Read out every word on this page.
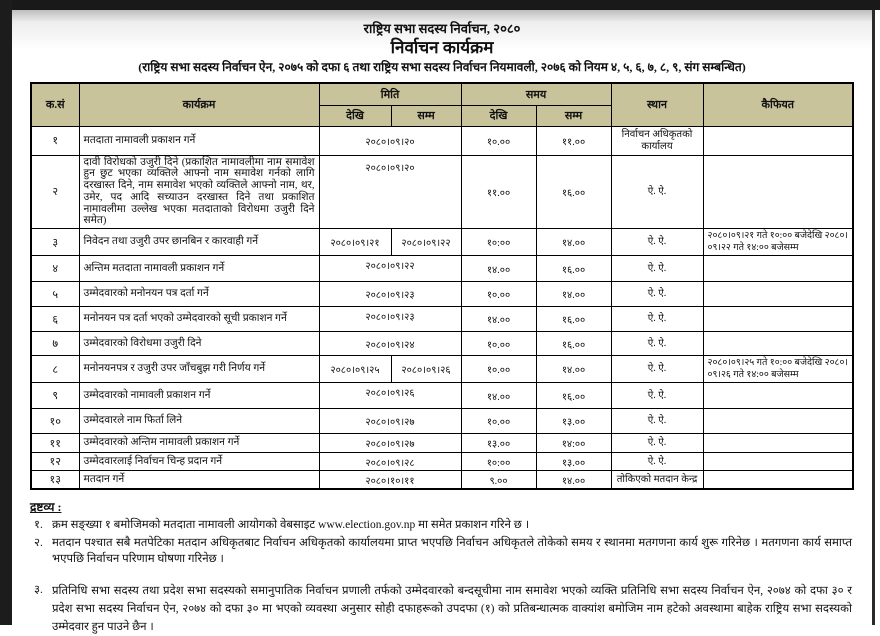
राष्ट्रिय सभा सदस्य निर्वाचन, २०८०
निर्वाचन कार्यक्रम
(राष्ट्रिय सभा सदस्य निर्वाचन ऐन, २०७५ को दफा ६ तथा राष्ट्रिय सभा सदस्य निर्वाचन नियमावली, २०७६ को नियम ४, ५, ६, ७, ८, ९, संग सम्बन्धित)
क.सं	कार्यक्रम	मिति		समय		स्थान	कैफियत
		देखि	सम्म	देखि	सम्म		
१	मतदाता नामावली प्रकाशन गर्ने	२०८०।०९।२०		१०.००	११.००	निर्वाचन अधिकृतको कार्यालय	
२	दावी विरोधको उजुरी दिने (प्रकाशित नामावलीमा नाम समावेश हुन छुट भएका व्यक्तिले आफ्नो नाम समावेश गर्नको लागि दरखास्त दिने, नाम समावेश भएको व्यक्तिले आफ्नो नाम, थर, उमेर, पद आदि सच्याउन दरखास्त दिने तथा प्रकाशित नामावलीमा उल्लेख भएका मतदाताको विरोधमा उजुरी दिने समेत)	२०८०।०९।२०		११.००	१६.००	ऐ. ऐ.	
३	निवेदन तथा उजुरी उपर छानबिन र कारवाही गर्ने	२०८०।०९।२१	२०८०।०९।२२	१०:००	१४.००	ऐ. ऐ.	२०८०।०९।२१ गते १०:०० बजेदेखि २०८०।०९।२२ गते १४:०० बजेसम्म
४	अन्तिम मतदाता नामावली प्रकाशन गर्ने	२०८०।०९।२२		१४.००	१६.००	ऐ. ऐ.	
५	उम्मेदवारको मनोनयन पत्र दर्ता गर्ने	२०८०।०९।२३		१०.००	१४.००	ऐ. ऐ.	
६	मनोनयन पत्र दर्ता भएको उम्मेदवारको सूची प्रकाशन गर्ने	२०८०।०९।२३		१४.००	१६.००	ऐ. ऐ.	
७	उम्मेदवारको विरोधमा उजुरी दिने	२०८०।०९।२४		१०.००	१६.००	ऐ. ऐ.	
८	मनोनयनपत्र र उजुरी उपर जाँचबुझ गरी निर्णय गर्ने	२०८०।०९।२५	२०८०।०९।२६	१०.००	१४.००	ऐ. ऐ.	२०८०।०९।२५ गते १०:०० बजेदेखि २०८०।०९।२६ गते १४:०० बजेसम्म
९	उम्मेदवारको नामावली प्रकाशन गर्ने	२०८०।०९।२६		१४.००	१६.००	ऐ. ऐ.	
१०	उम्मेदवारले नाम फिर्ता लिने	२०८०।०९।२७		१०.००	१३.००	ऐ. ऐ.	
११	उम्मेदवारको अन्तिम नामावली प्रकाशन गर्ने	२०८०।०९।२७		१३.००	१४:००	ऐ. ऐ.	
१२	उम्मेदवारलाई निर्वाचन चिन्ह प्रदान गर्ने	२०८०।०९।२८		१०:००	१३.००	ऐ. ऐ.	
१३	मतदान गर्ने	२०८०।१०।११		९.००	१४.००	तोकिएको मतदान केन्द्र	
द्रष्टव्य :
१. क्रम सङ्ख्या १ बमोजिमको मतदाता नामावली आयोगको वेबसाइट www.election.gov.np मा समेत प्रकाशन गरिने छ ।
२. मतदान पश्चात सबै मतपेटिका मतदान अधिकृतबाट निर्वाचन अधिकृतको कार्यालयमा प्राप्त भएपछि निर्वाचन अधिकृतले तोकेको समय र स्थानमा मतगणना कार्य शुरू गरिनेछ । मतगणना कार्य समाप्त भएपछि निर्वाचन परिणाम घोषणा गरिनेछ ।
३. प्रतिनिधि सभा सदस्य तथा प्रदेश सभा सदस्यको समानुपातिक निर्वाचन प्रणाली तर्फको उम्मेदवारको बन्दसूचीमा नाम समावेश भएको व्यक्ति प्रतिनिधि सभा सदस्य निर्वाचन ऐन, २०७४ को दफा ३० र प्रदेश सभा सदस्य निर्वाचन ऐन, २०७४ को दफा ३० मा भएको व्यवस्था अनुसार सोही दफाहरूको उपदफा (१) को प्रतिबन्धात्मक वाक्यांश बमोजिम नाम हटेको अवस्थामा बाहेक राष्ट्रिय सभा सदस्यको उम्मेदवार हुन पाउने छैन ।
